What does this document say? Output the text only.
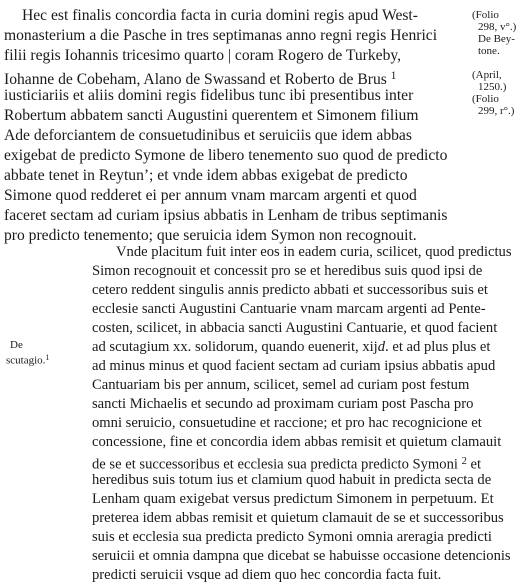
Hec est finalis concordia facta in curia domini regis apud West-
monasterium a die Pasche in tres septimanas anno regni regis Henrici
filii regis Iohannis tricesimo quarto | coram Rogero de Turkeby,
Iohanne de Cobeham, Alano de Swassand et Roberto de Brus $^1$
iusticiariis et aliis domini regis fidelibus tunc ibi presentibus inter
Robertum abbatem sancti Augustini querentem et Simonem filium
Ade deforciantem de consuetudinibus et seruiciis que idem abbas
exigebat de predicto Symone de libero tenemento suo quod de predicto
abbate tenet in Reytun’; et vnde idem abbas exigebat de predicto
Simone quod redderet ei per annum vnam marcam argenti et quod
faceret sectam ad curiam ipsius abbatis in Lenham de tribus septimanis
pro predicto tenemento; que seruicia idem Symon non recognouit.
(Folio
298, v°.)
De Bey-
tone.
(April,
1250.)
(Folio
299, r°.)
Vnde placitum fuit inter eos in eadem curia, scilicet, quod predictus
Simon recognouit et concessit pro se et heredibus suis quod ipsi de
cetero reddent singulis annis predicto abbati et successoribus suis et
ecclesie sancti Augustini Cantuarie vnam marcam argenti ad Pente-
costen, scilicet, in abbacia sancti Augustini Cantuarie, et quod facient
ad scutagium xx. solidorum, quando euenerit, xijd. et ad plus plus et
ad minus minus et quod facient sectam ad curiam ipsius abbatis apud
Cantuariam bis per annum, scilicet, semel ad curiam post festum
sancti Michaelis et secundo ad proximam curiam post Pascha pro
omni seruicio, consuetudine et raccione; et pro hac recognicione et
concessione, fine et concordia idem abbas remisit et quietum clamauit
de se et successoribus et ecclesia sua predicta predicto Symoni $^2$ et
heredibus suis totum ius et clamium quod habuit in predicta secta de
Lenham quam exigebat versus predictum Simonem in perpetuum. Et
preterea idem abbas remisit et quietum clamauit de se et successoribus
suis et ecclesia sua predicta predicto Symoni omnia areragia predicti
seruicii et omnia dampna que dicebat se habuisse occasione detencionis
predicti seruicii vsque ad diem quo hec concordia facta fuit.
De
scutagio.$^1$
